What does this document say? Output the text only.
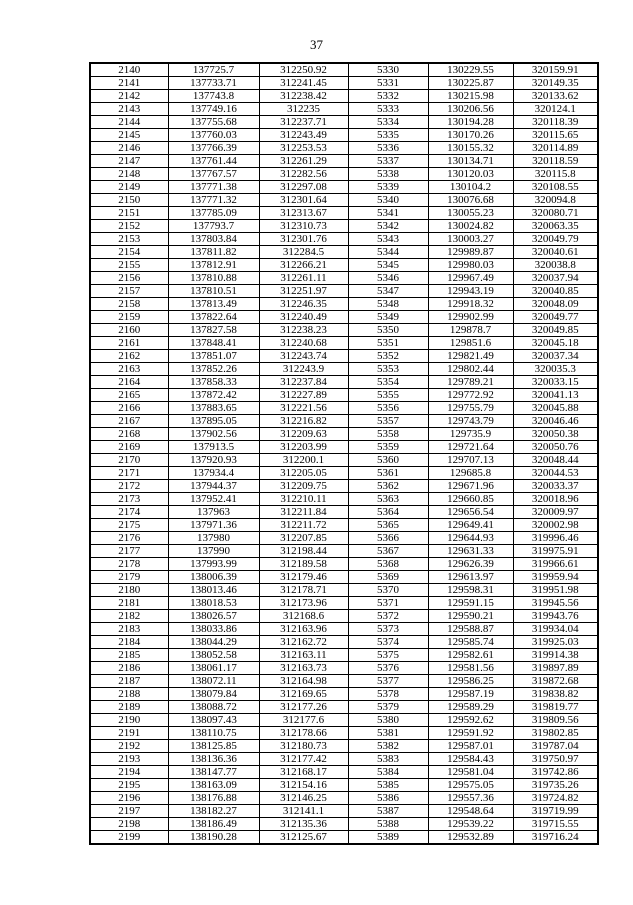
37
2140	137725.7	312250.92	5330	130229.55	320159.91
2141	137733.71	312241.45	5331	130225.87	320149.35
2142	137743.8	312238.42	5332	130215.98	320133.62
2143	137749.16	312235	5333	130206.56	320124.1
2144	137755.68	312237.71	5334	130194.28	320118.39
2145	137760.03	312243.49	5335	130170.26	320115.65
2146	137766.39	312253.53	5336	130155.32	320114.89
2147	137761.44	312261.29	5337	130134.71	320118.59
2148	137767.57	312282.56	5338	130120.03	320115.8
2149	137771.38	312297.08	5339	130104.2	320108.55
2150	137771.32	312301.64	5340	130076.68	320094.8
2151	137785.09	312313.67	5341	130055.23	320080.71
2152	137793.7	312310.73	5342	130024.82	320063.35
2153	137803.84	312301.76	5343	130003.27	320049.79
2154	137811.82	312284.5	5344	129989.87	320040.61
2155	137812.91	312266.21	5345	129980.03	320038.8
2156	137810.88	312261.11	5346	129967.49	320037.94
2157	137810.51	312251.97	5347	129943.19	320040.85
2158	137813.49	312246.35	5348	129918.32	320048.09
2159	137822.64	312240.49	5349	129902.99	320049.77
2160	137827.58	312238.23	5350	129878.7	320049.85
2161	137848.41	312240.68	5351	129851.6	320045.18
2162	137851.07	312243.74	5352	129821.49	320037.34
2163	137852.26	312243.9	5353	129802.44	320035.3
2164	137858.33	312237.84	5354	129789.21	320033.15
2165	137872.42	312227.89	5355	129772.92	320041.13
2166	137883.65	312221.56	5356	129755.79	320045.88
2167	137895.05	312216.82	5357	129743.79	320046.46
2168	137902.56	312209.63	5358	129735.9	320050.38
2169	137913.5	312203.99	5359	129721.64	320050.76
2170	137920.93	312200.1	5360	129707.13	320048.44
2171	137934.4	312205.05	5361	129685.8	320044.53
2172	137944.37	312209.75	5362	129671.96	320033.37
2173	137952.41	312210.11	5363	129660.85	320018.96
2174	137963	312211.84	5364	129656.54	320009.97
2175	137971.36	312211.72	5365	129649.41	320002.98
2176	137980	312207.85	5366	129644.93	319996.46
2177	137990	312198.44	5367	129631.33	319975.91
2178	137993.99	312189.58	5368	129626.39	319966.61
2179	138006.39	312179.46	5369	129613.97	319959.94
2180	138013.46	312178.71	5370	129598.31	319951.98
2181	138018.53	312173.96	5371	129591.15	319945.56
2182	138026.57	312168.6	5372	129590.21	319943.76
2183	138033.86	312163.96	5373	129588.87	319934.04
2184	138044.29	312162.72	5374	129585.74	319925.03
2185	138052.58	312163.11	5375	129582.61	319914.38
2186	138061.17	312163.73	5376	129581.56	319897.89
2187	138072.11	312164.98	5377	129586.25	319872.68
2188	138079.84	312169.65	5378	129587.19	319838.82
2189	138088.72	312177.26	5379	129589.29	319819.77
2190	138097.43	312177.6	5380	129592.62	319809.56
2191	138110.75	312178.66	5381	129591.92	319802.85
2192	138125.85	312180.73	5382	129587.01	319787.04
2193	138136.36	312177.42	5383	129584.43	319750.97
2194	138147.77	312168.17	5384	129581.04	319742.86
2195	138163.09	312154.16	5385	129575.05	319735.26
2196	138176.88	312146.25	5386	129557.36	319724.82
2197	138182.27	312141.1	5387	129548.64	319719.99
2198	138186.49	312135.36	5388	129539.22	319715.55
2199	138190.28	312125.67	5389	129532.89	319716.24
